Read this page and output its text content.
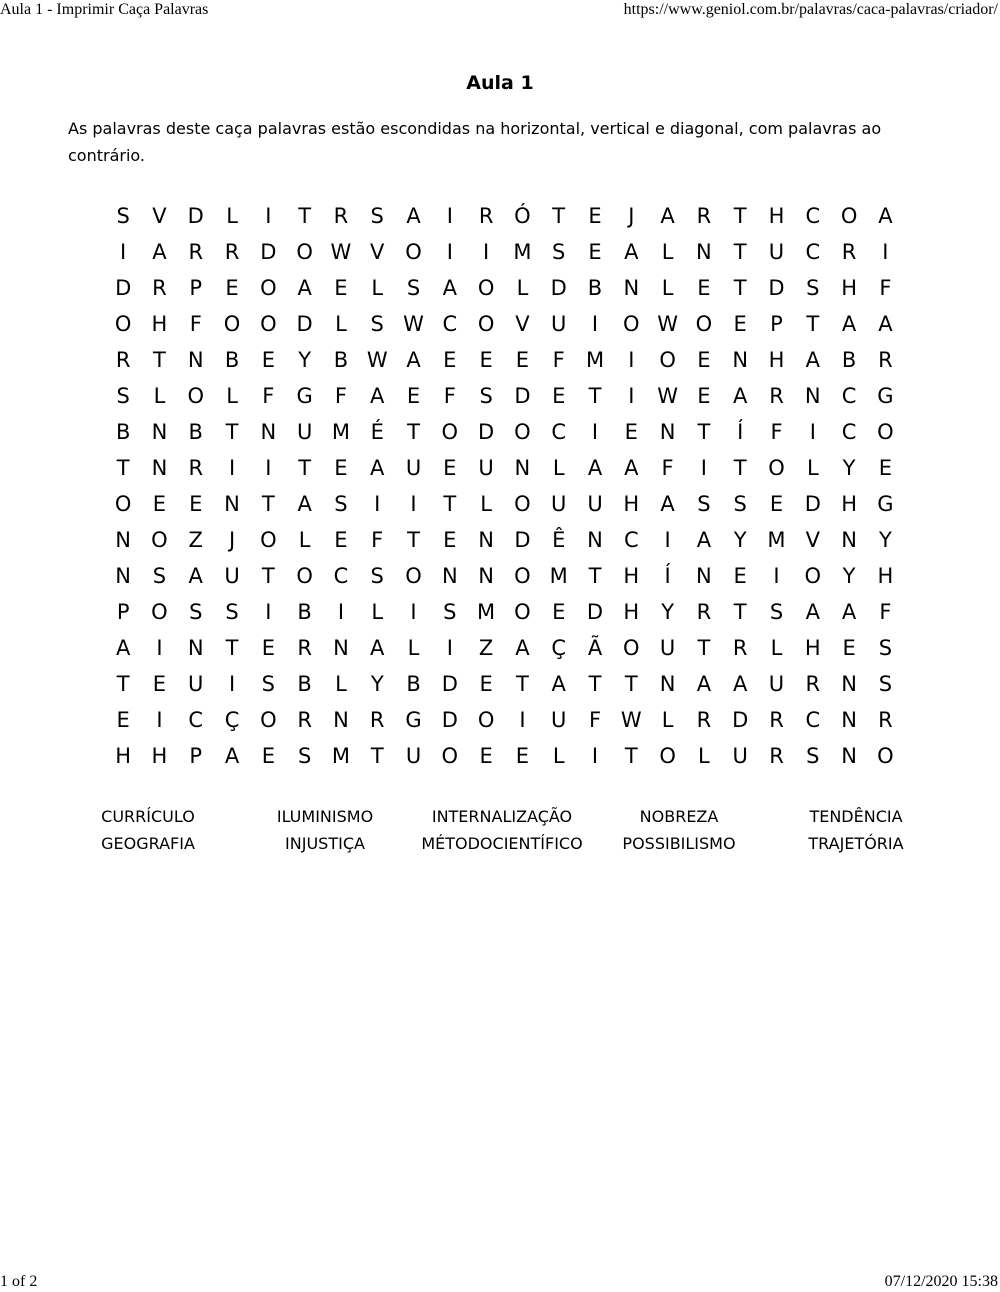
Aula 1 - Imprimir Caça Palavras	https://www.geniol.com.br/palavras/caca-palavras/criador/
Aula 1
As palavras deste caça palavras estão escondidas na horizontal, vertical e diagonal, com palavras ao contrário.
S	V	D	L	I	T	R	S	A	I	R Ó	T	E	J	A	R	T	H	C O A
I	A	R	R D O W V O	I	I	M S	E	A	L	N	T	U	C	R	I
D R	P	E	O A	E	L	S	A O	L	D	B	N	L	E	T	D	S	H	F
O H	F	O O D	L	S W C O V	U	I	O W O	E	P	T	A	A
R	T	N	B	E	Y	B W A	E	E	E	F	M	I	O	E	N H	A	B	R
S	L	O	L	F	G	F	A	E	F	S	D	E	T	I	W E	A	R	N	C G
B	N	B	T	N U M É	T	O D O C	I	E	N	T	Í	F	I	C O
T	N	R	I	I	T	E	A	U	E	U N	L	A	A	F	I	T	O	L	Y	E
O	E	E	N	T	A	S	I	I	T	L	O U U H	A	S	S	E	D H G
N O Z	J	O	L	E	F	T	E	N D	Ê	N	C	I	A	Y M V	N	Y
N	S	A	U	T	O C	S	O N N O M T	H	Í	N	E	I	O	Y	H
P	O	S	S	I	B	I	L	I	S M O	E	D H	Y	R	T	S	A	A	F
A	I	N	T	E	R	N	A	L	I	Z	A	Ç	Ã O U	T	R	L	H	E	S
T	E	U	I	S	B	L	Y	B	D	E	T	A	T	T	N	A	A	U	R	N	S
E	I	C	Ç O R	N	R G D O	I	U	F W L	R D R	C	N	R
H H	P	A	E	S M T	U O	E	E	L	I	T	O	L	U	R	S	N O
CURRÍCULO	ILUMINISMO	INTERNALIZAÇÃO	NOBREZA	TENDÊNCIA
GEOGRAFIA	INJUSTIÇA	MÉTODOCIENTÍFICO	POSSIBILISMO	TRAJETÓRIA
1 of 2	07/12/2020 15:38
